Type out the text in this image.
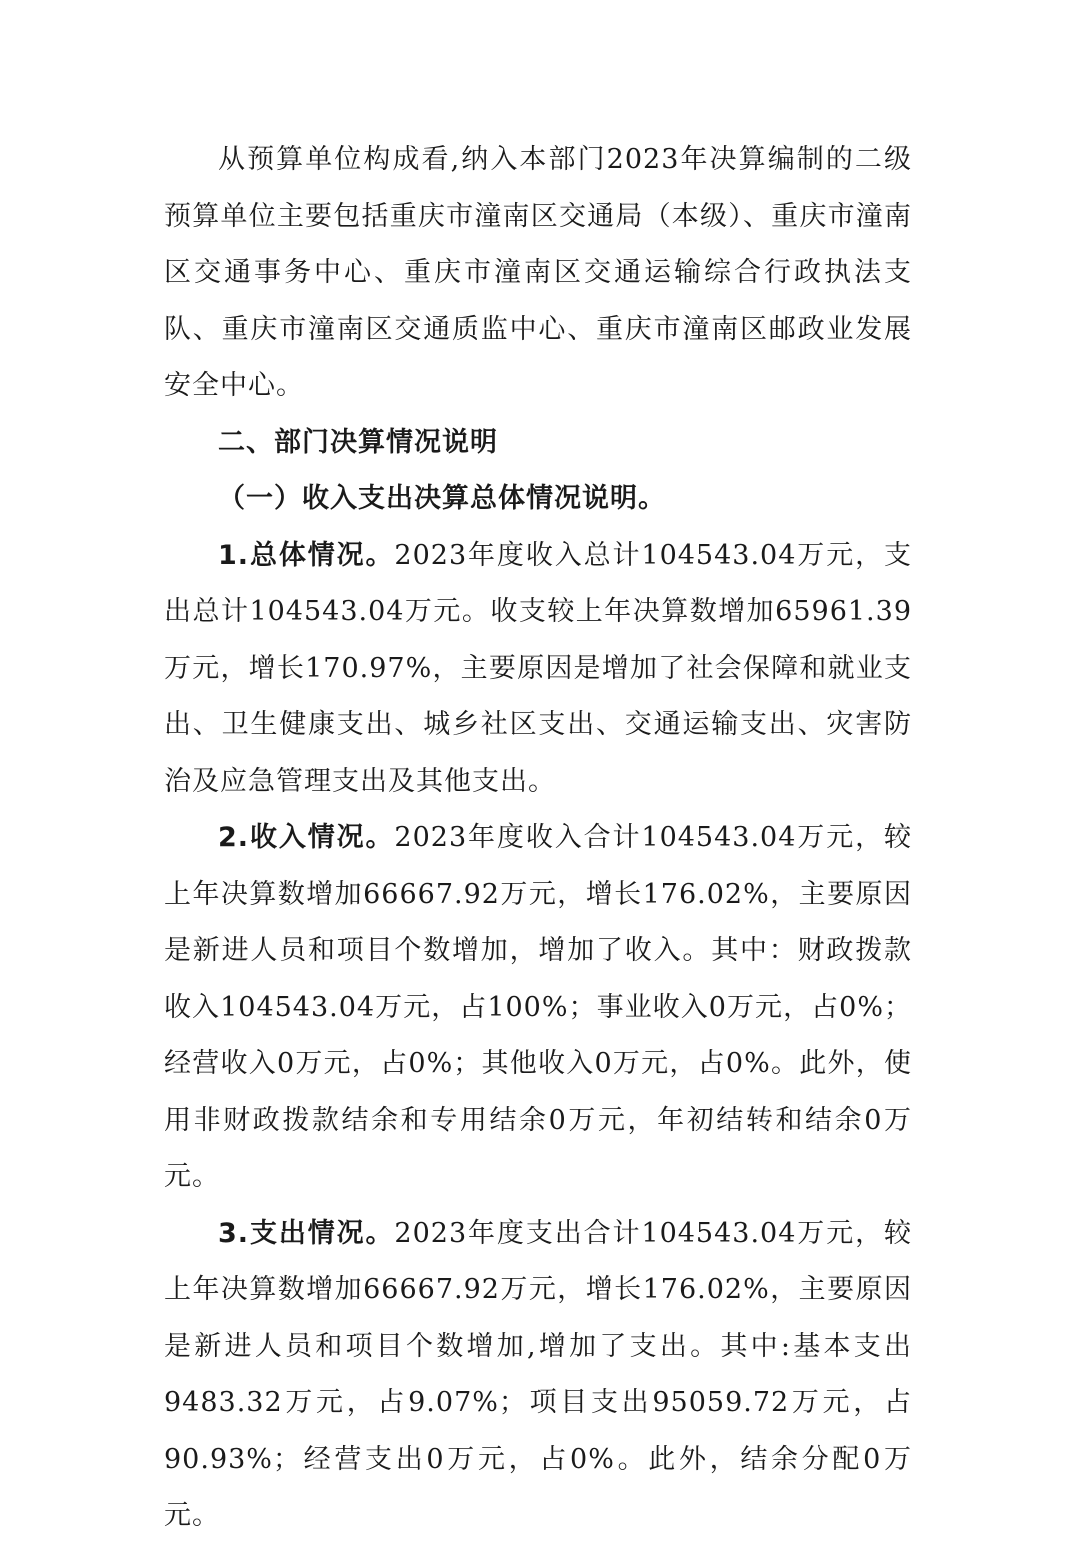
从预算单位构成看,纳入本部门2023年决算编制的二级预算单位主要包括重庆市潼南区交通局（本级）、重庆市潼南区交通事务中心、重庆市潼南区交通运输综合行政执法支队、重庆市潼南区交通质监中心、重庆市潼南区邮政业发展安全中心。

二、部门决算情况说明

（一）收入支出决算总体情况说明。

1.总体情况。2023年度收入总计104543.04万元，支出总计104543.04万元。收支较上年决算数增加65961.39万元，增长170.97%，主要原因是增加了社会保障和就业支出、卫生健康支出、城乡社区支出、交通运输支出、灾害防治及应急管理支出及其他支出。

2.收入情况。2023年度收入合计104543.04万元，较上年决算数增加66667.92万元，增长176.02%，主要原因是新进人员和项目个数增加，增加了收入。其中：财政拨款收入104543.04万元，占100%；事业收入0万元，占0%；经营收入0万元，占0%；其他收入0万元，占0%。此外，使用非财政拨款结余和专用结余0万元，年初结转和结余0万元。

3.支出情况。2023年度支出合计104543.04万元，较上年决算数增加66667.92万元，增长176.02%，主要原因是新进人员和项目个数增加,增加了支出。其中:基本支出9483.32万元，占9.07%；项目支出95059.72万元，占90.93%；经营支出0万元，占0%。此外，结余分配0万元。
